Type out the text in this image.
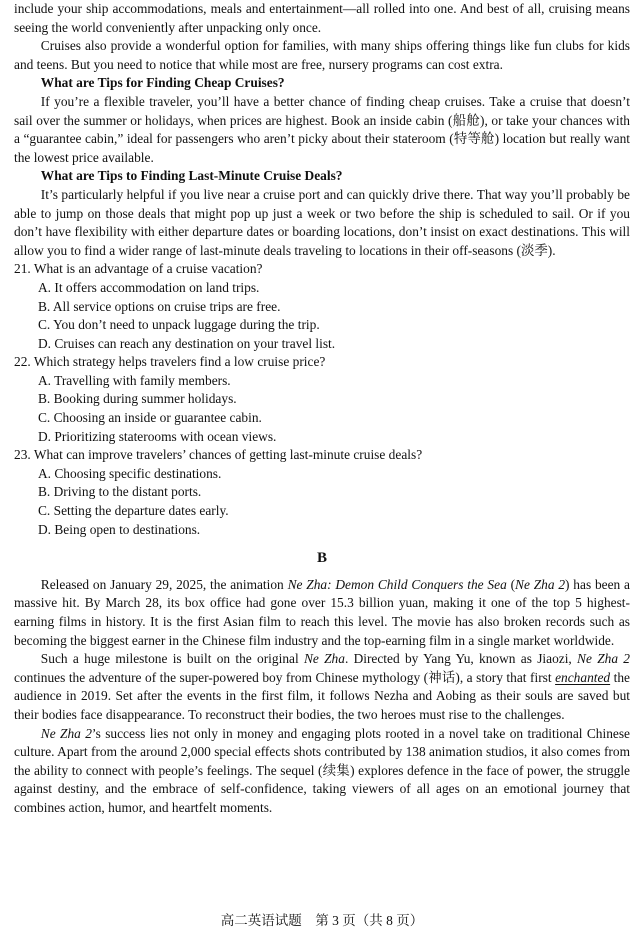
include your ship accommodations, meals and entertainment—all rolled into one. And best of all, cruising means seeing the world conveniently after unpacking only once.

Cruises also provide a wonderful option for families, with many ships offering things like fun clubs for kids and teens. But you need to notice that while most are free, nursery programs can cost extra.

What are Tips for Finding Cheap Cruises?

If you’re a flexible traveler, you’ll have a better chance of finding cheap cruises. Take a cruise that doesn’t sail over the summer or holidays, when prices are highest. Book an inside cabin (船舱), or take your chances with a “guarantee cabin,” ideal for passengers who aren’t picky about their stateroom (特等舱) location but really want the lowest price available.

What are Tips to Finding Last-Minute Cruise Deals?

It’s particularly helpful if you live near a cruise port and can quickly drive there. That way you’ll probably be able to jump on those deals that might pop up just a week or two before the ship is scheduled to sail. Or if you don’t have flexibility with either departure dates or boarding locations, don’t insist on exact destinations. This will allow you to find a wider range of last-minute deals traveling to locations in their off-seasons (淡季).

21. What is an advantage of a cruise vacation?

A. It offers accommodation on land trips.

B. All service options on cruise trips are free.

C. You don’t need to unpack luggage during the trip.

D. Cruises can reach any destination on your travel list.

22. Which strategy helps travelers find a low cruise price?

A. Travelling with family members.

B. Booking during summer holidays.

C. Choosing an inside or guarantee cabin.

D. Prioritizing staterooms with ocean views.

23. What can improve travelers’ chances of getting last-minute cruise deals?

A. Choosing specific destinations.

B. Driving to the distant ports.

C. Setting the departure dates early.

D. Being open to destinations.

B

Released on January 29, 2025, the animation Ne Zha: Demon Child Conquers the Sea (Ne Zha 2) has been a massive hit. By March 28, its box office had gone over 15.3 billion yuan, making it one of the top 5 highest-earning films in history. It is the first Asian film to reach this level. The movie has also broken records such as becoming the biggest earner in the Chinese film industry and the top-earning film in a single market worldwide.

Such a huge milestone is built on the original Ne Zha. Directed by Yang Yu, known as Jiaozi, Ne Zha 2 continues the adventure of the super-powered boy from Chinese mythology (神话), a story that first enchanted the audience in 2019. Set after the events in the first film, it follows Nezha and Aobing as their souls are saved but their bodies face disappearance. To reconstruct their bodies, the two heroes must rise to the challenges.

Ne Zha 2’s success lies not only in money and engaging plots rooted in a novel take on traditional Chinese culture. Apart from the around 2,000 special effects shots contributed by 138 animation studios, it also comes from the ability to connect with people’s feelings. The sequel (续集) explores defence in the face of power, the struggle against destiny, and the embrace of self-confidence, taking viewers of all ages on an emotional journey that combines action, humor, and heartfelt moments.

高二英语试题　第 3 页（共 8 页）
